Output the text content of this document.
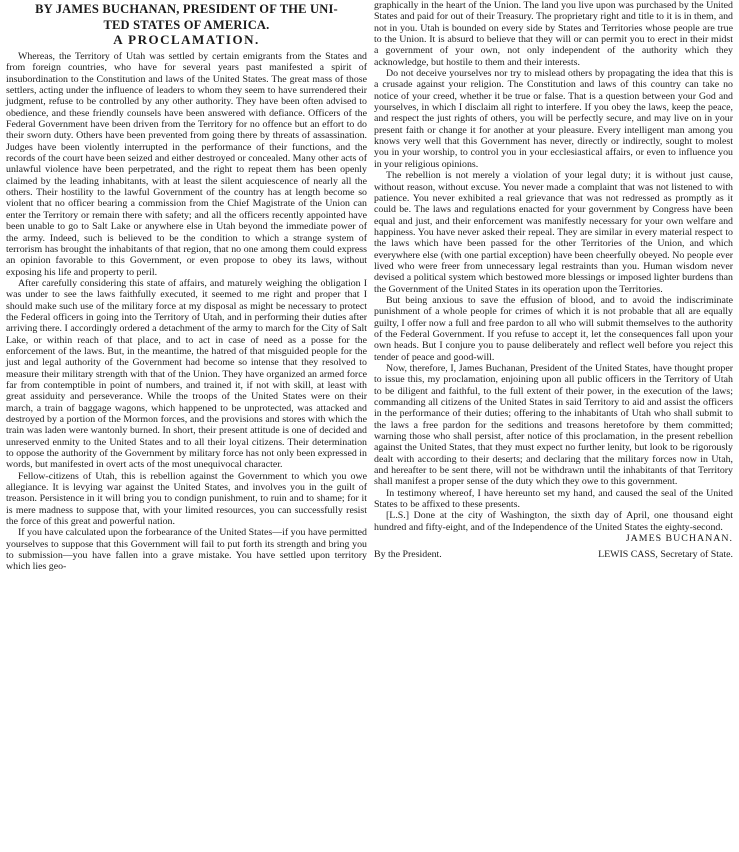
BY JAMES BUCHANAN, PRESIDENT OF THE UNI-
TED STATES OF AMERICA.
A PROCLAMATION.

Whereas, the Territory of Utah was settled by certain emigrants from the States and from foreign countries, who have for several years past manifested a spirit of insubordination to the Constitution and laws of the United States. The great mass of those settlers, acting under the influence of leaders to whom they seem to have surrendered their judgment, refuse to be controlled by any other authority. They have been often advised to obedience, and these friendly counsels have been answered with defiance. Officers of the Federal Government have been driven from the Territory for no offence but an effort to do their sworn duty. Others have been prevented from going there by threats of assassination. Judges have been violently interrupted in the performance of their functions, and the records of the court have been seized and either destroyed or concealed. Many other acts of unlawful violence have been perpetrated, and the right to repeat them has been openly claimed by the leading inhabitants, with at least the silent acquiescence of nearly all the others. Their hostility to the lawful Government of the country has at length become so violent that no officer bearing a commission from the Chief Magistrate of the Union can enter the Territory or remain there with safety; and all the officers recently appointed have been unable to go to Salt Lake or anywhere else in Utah beyond the immediate power of the army. Indeed, such is believed to be the condition to which a strange system of terrorism has brought the inhabitants of that region, that no one among them could express an opinion favorable to this Government, or even propose to obey its laws, without exposing his life and property to peril.

After carefully considering this state of affairs, and maturely weighing the obligation I was under to see the laws faithfully executed, it seemed to me right and proper that I should make such use of the military force at my disposal as might be necessary to protect the Federal officers in going into the Territory of Utah, and in performing their duties after arriving there. I accordingly ordered a detachment of the army to march for the City of Salt Lake, or within reach of that place, and to act in case of need as a posse for the enforcement of the laws. But, in the meantime, the hatred of that misguided people for the just and legal authority of the Government had become so intense that they resolved to measure their military strength with that of the Union. They have organized an armed force far from contemptible in point of numbers, and trained it, if not with skill, at least with great assiduity and perseverance. While the troops of the United States were on their march, a train of baggage wagons, which happened to be unprotected, was attacked and destroyed by a portion of the Mormon forces, and the provisions and stores with which the train was laden were wantonly burned. In short, their present attitude is one of decided and unreserved enmity to the United States and to all their loyal citizens. Their determination to oppose the authority of the Government by military force has not only been expressed in words, but manifested in overt acts of the most unequivocal character.

Fellow-citizens of Utah, this is rebellion against the Government to which you owe allegiance. It is levying war against the United States, and involves you in the guilt of treason. Persistence in it will bring you to condign punishment, to ruin and to shame; for it is mere madness to suppose that, with your limited resources, you can successfully resist the force of this great and powerful nation.

If you have calculated upon the forbearance of the United States—if you have permitted yourselves to suppose that this Government will fail to put forth its strength and bring you to submission—you have fallen into a grave mistake. You have settled upon territory which lies geo-

graphically in the heart of the Union. The land you live upon was purchased by the United States and paid for out of their Treasury. The proprietary right and title to it is in them, and not in you. Utah is bounded on every side by States and Territories whose people are true to the Union. It is absurd to believe that they will or can permit you to erect in their midst a government of your own, not only independent of the authority which they acknowledge, but hostile to them and their interests.

Do not deceive yourselves nor try to mislead others by propagating the idea that this is a crusade against your religion. The Constitution and laws of this country can take no notice of your creed, whether it be true or false. That is a question between your God and yourselves, in which I disclaim all right to interfere. If you obey the laws, keep the peace, and respect the just rights of others, you will be perfectly secure, and may live on in your present faith or change it for another at your pleasure. Every intelligent man among you knows very well that this Government has never, directly or indirectly, sought to molest you in your worship, to control you in your ecclesiastical affairs, or even to influence you in your religious opinions.

The rebellion is not merely a violation of your legal duty; it is without just cause, without reason, without excuse. You never made a complaint that was not listened to with patience. You never exhibited a real grievance that was not redressed as promptly as it could be. The laws and regulations enacted for your government by Congress have been equal and just, and their enforcement was manifestly necessary for your own welfare and happiness. You have never asked their repeal. They are similar in every material respect to the laws which have been passed for the other Territories of the Union, and which everywhere else (with one partial exception) have been cheerfully obeyed. No people ever lived who were freer from unnecessary legal restraints than you. Human wisdom never devised a political system which bestowed more blessings or imposed lighter burdens than the Government of the United States in its operation upon the Territories.

But being anxious to save the effusion of blood, and to avoid the indiscriminate punishment of a whole people for crimes of which it is not probable that all are equally guilty, I offer now a full and free pardon to all who will submit themselves to the authority of the Federal Government. If you refuse to accept it, let the consequences fall upon your own heads. But I conjure you to pause deliberately and reflect well before you reject this tender of peace and good-will.

Now, therefore, I, James Buchanan, President of the United States, have thought proper to issue this, my proclamation, enjoining upon all public officers in the Territory of Utah to be diligent and faithful, to the full extent of their power, in the execution of the laws; commanding all citizens of the United States in said Territory to aid and assist the officers in the performance of their duties; offering to the inhabitants of Utah who shall submit to the laws a free pardon for the seditions and treasons heretofore by them committed; warning those who shall persist, after notice of this proclamation, in the present rebellion against the United States, that they must expect no further lenity, but look to be rigorously dealt with according to their deserts; and declaring that the military forces now in Utah, and hereafter to be sent there, will not be withdrawn until the inhabitants of that Territory shall manifest a proper sense of the duty which they owe to this government.

In testimony whereof, I have hereunto set my hand, and caused the seal of the United States to be affixed to these presents.

[L.S.] Done at the city of Washington, the sixth day of April, one thousand eight hundred and fifty-eight, and of the Independence of the United States the eighty-second.

JAMES BUCHANAN.

By the President.	LEWIS CASS, Secretary of State.
